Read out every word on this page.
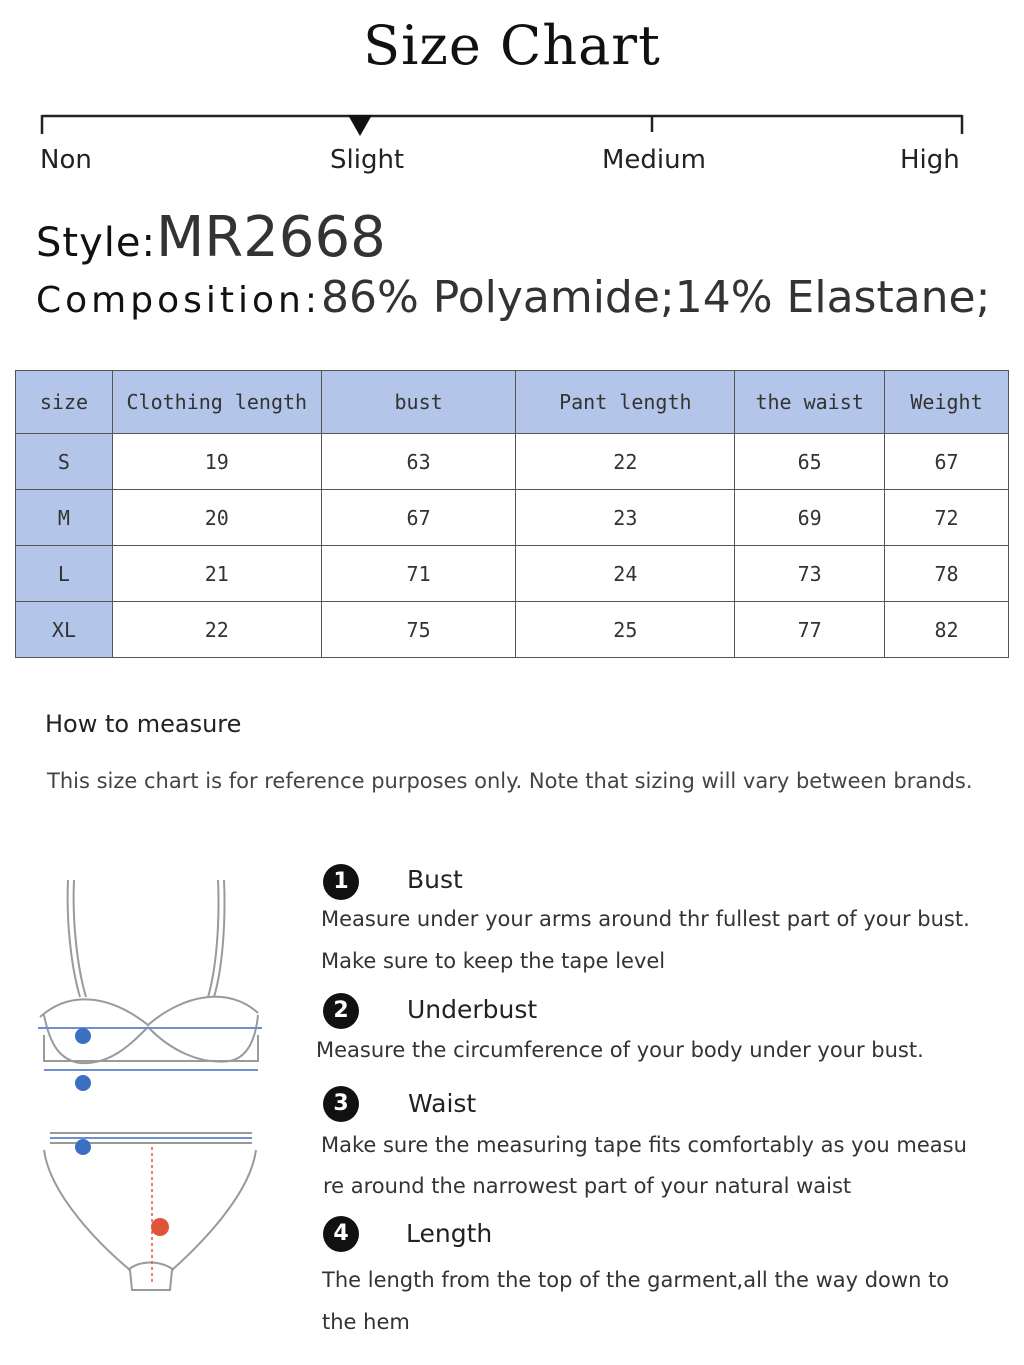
Size Chart
Non	Slight	Medium	High
Style:MR2668
Composition:86% Polyamide;14% Elastane;
size	Clothing length	bust	Pant length	the waist	Weight
S	19	63	22	65	67
M	20	67	23	69	72
L	21	71	24	73	78
XL	22	75	25	77	82
How to measure
This size chart is for reference purposes only. Note that sizing will vary between brands.
1	Bust
Measure under your arms around thr fullest part of your bust.
Make sure to keep the tape level
2	Underbust
Measure the circumference of your body under your bust.
3	Waist
Make sure the measuring tape fits comfortably as you measu
re around the narrowest part of your natural waist
4	Length
The length from the top of the garment,all the way down to
the hem
